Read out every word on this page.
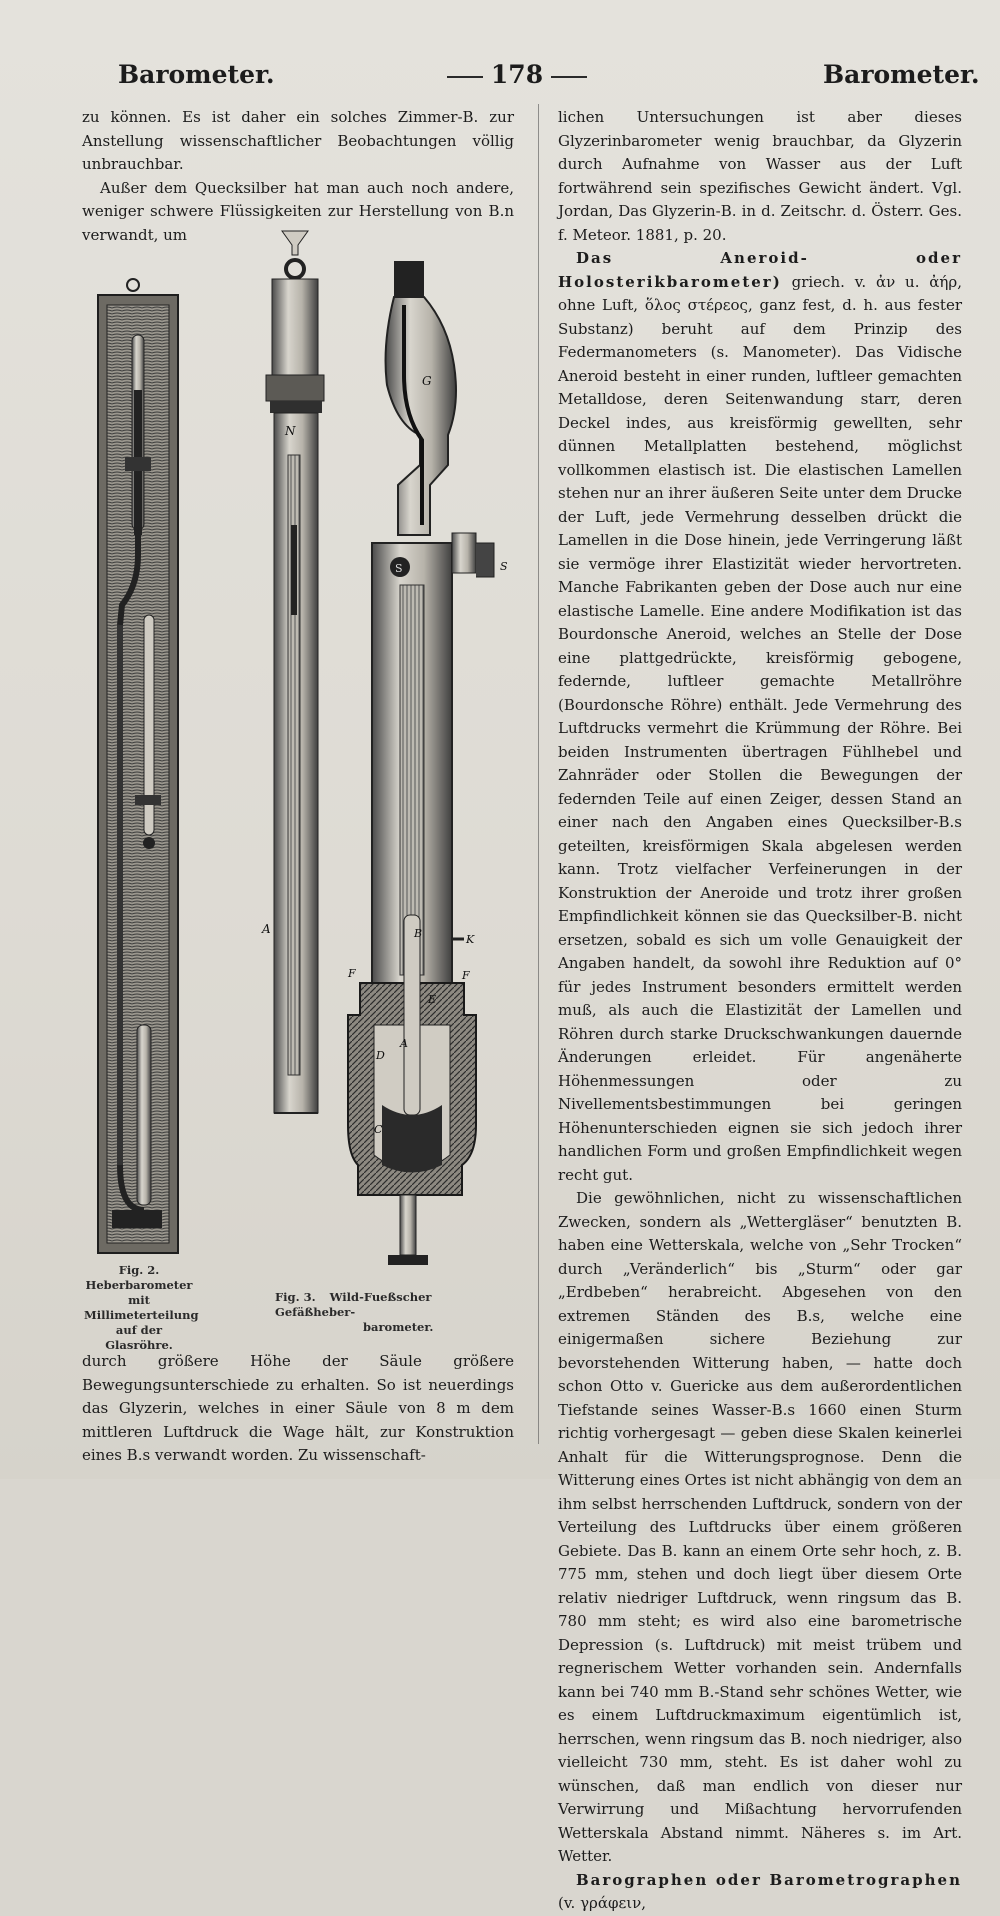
Barometer.	178	Barometer.

zu können. Es ist daher ein solches Zimmer-B. zur Anstellung wissenschaftlicher Beobachtungen völlig unbrauchbar.

Außer dem Quecksilber hat man auch noch andere, weniger schwere Flüssigkeiten zur Herstellung von B.n verwandt, um

N
A
G
S	S
B	K
F	F
E
D
A
C
Fig. 2. Heberbarometer mit Millimeterteilung auf der Glasröhre.
Fig. 3. Wild-Fueßscher Gefäßheber-
barometer.

durch größere Höhe der Säule größere Bewegungsunterschiede zu erhalten. So ist neuerdings das Glyzerin, welches in einer Säule von 8 m dem mittleren Luftdruck die Wage hält, zur Konstruktion eines B.s verwandt worden. Zu wissenschaft-

lichen Untersuchungen ist aber dieses Glyzerinbarometer wenig brauchbar, da Glyzerin durch Aufnahme von Wasser aus der Luft fortwährend sein spezifisches Gewicht ändert. Vgl. Jordan, Das Glyzerin-B. in d. Zeitschr. d. Österr. Ges. f. Meteor. 1881, p. 20.

Das Aneroid- oder Holosterikbarometer) griech. v. ἀν u. ἀήρ, ohne Luft, ὅλος στέρεος, ganz fest, d. h. aus fester Substanz) beruht auf dem Prinzip des Federmanometers (s. Manometer). Das Vidische Aneroid besteht in einer runden, luftleer gemachten Metalldose, deren Seitenwandung starr, deren Deckel indes, aus kreisförmig gewellten, sehr dünnen Metallplatten bestehend, möglichst vollkommen elastisch ist. Die elastischen Lamellen stehen nur an ihrer äußeren Seite unter dem Drucke der Luft, jede Vermehrung desselben drückt die Lamellen in die Dose hinein, jede Verringerung läßt sie vermöge ihrer Elastizität wieder hervortreten. Manche Fabrikanten geben der Dose auch nur eine elastische Lamelle. Eine andere Modifikation ist das Bourdonsche Aneroid, welches an Stelle der Dose eine plattgedrückte, kreisförmig gebogene, federnde, luftleer gemachte Metallröhre (Bourdonsche Röhre) enthält. Jede Vermehrung des Luftdrucks vermehrt die Krümmung der Röhre. Bei beiden Instrumenten übertragen Fühlhebel und Zahnräder oder Stollen die Bewegungen der federnden Teile auf einen Zeiger, dessen Stand an einer nach den Angaben eines Quecksilber-B.s geteilten, kreisförmigen Skala abgelesen werden kann. Trotz vielfacher Verfeinerungen in der Konstruktion der Aneroide und trotz ihrer großen Empfindlichkeit können sie das Quecksilber-B. nicht ersetzen, sobald es sich um volle Genauigkeit der Angaben handelt, da sowohl ihre Reduktion auf 0° für jedes Instrument besonders ermittelt werden muß, als auch die Elastizität der Lamellen und Röhren durch starke Druckschwankungen dauernde Änderungen erleidet. Für angenäherte Höhenmessungen oder zu Nivellementsbestimmungen bei geringen Höhenunterschieden eignen sie sich jedoch ihrer handlichen Form und großen Empfindlichkeit wegen recht gut.

Die gewöhnlichen, nicht zu wissenschaftlichen Zwecken, sondern als „Wettergläser“ benutzten B. haben eine Wetterskala, welche von „Sehr Trocken“ durch „Veränderlich“ bis „Sturm“ oder gar „Erdbeben“ herabreicht. Abgesehen von den extremen Ständen des B.s, welche eine einigermaßen sichere Beziehung zur bevorstehenden Witterung haben, — hatte doch schon Otto v. Guericke aus dem außerordentlichen Tiefstande seines Wasser-B.s 1660 einen Sturm richtig vorhergesagt — geben diese Skalen keinerlei Anhalt für die Witterungsprognose. Denn die Witterung eines Ortes ist nicht abhängig von dem an ihm selbst herrschenden Luftdruck, sondern von der Verteilung des Luftdrucks über einem größeren Gebiete. Das B. kann an einem Orte sehr hoch, z. B. 775 mm, stehen und doch liegt über diesem Orte relativ niedriger Luftdruck, wenn ringsum das B. 780 mm steht; es wird also eine barometrische Depression (s. Luftdruck) mit meist trübem und regnerischem Wetter vorhanden sein. Andernfalls kann bei 740 mm B.-Stand sehr schönes Wetter, wie es einem Luftdruckmaximum eigentümlich ist, herrschen, wenn ringsum das B. noch niedriger, also vielleicht 730 mm, steht. Es ist daher wohl zu wünschen, daß man endlich von dieser nur Verwirrung und Mißachtung hervorrufenden Wetterskala Abstand nimmt. Näheres s. im Art. Wetter.

Barographen oder Barometrographen (v. γράφειν,
